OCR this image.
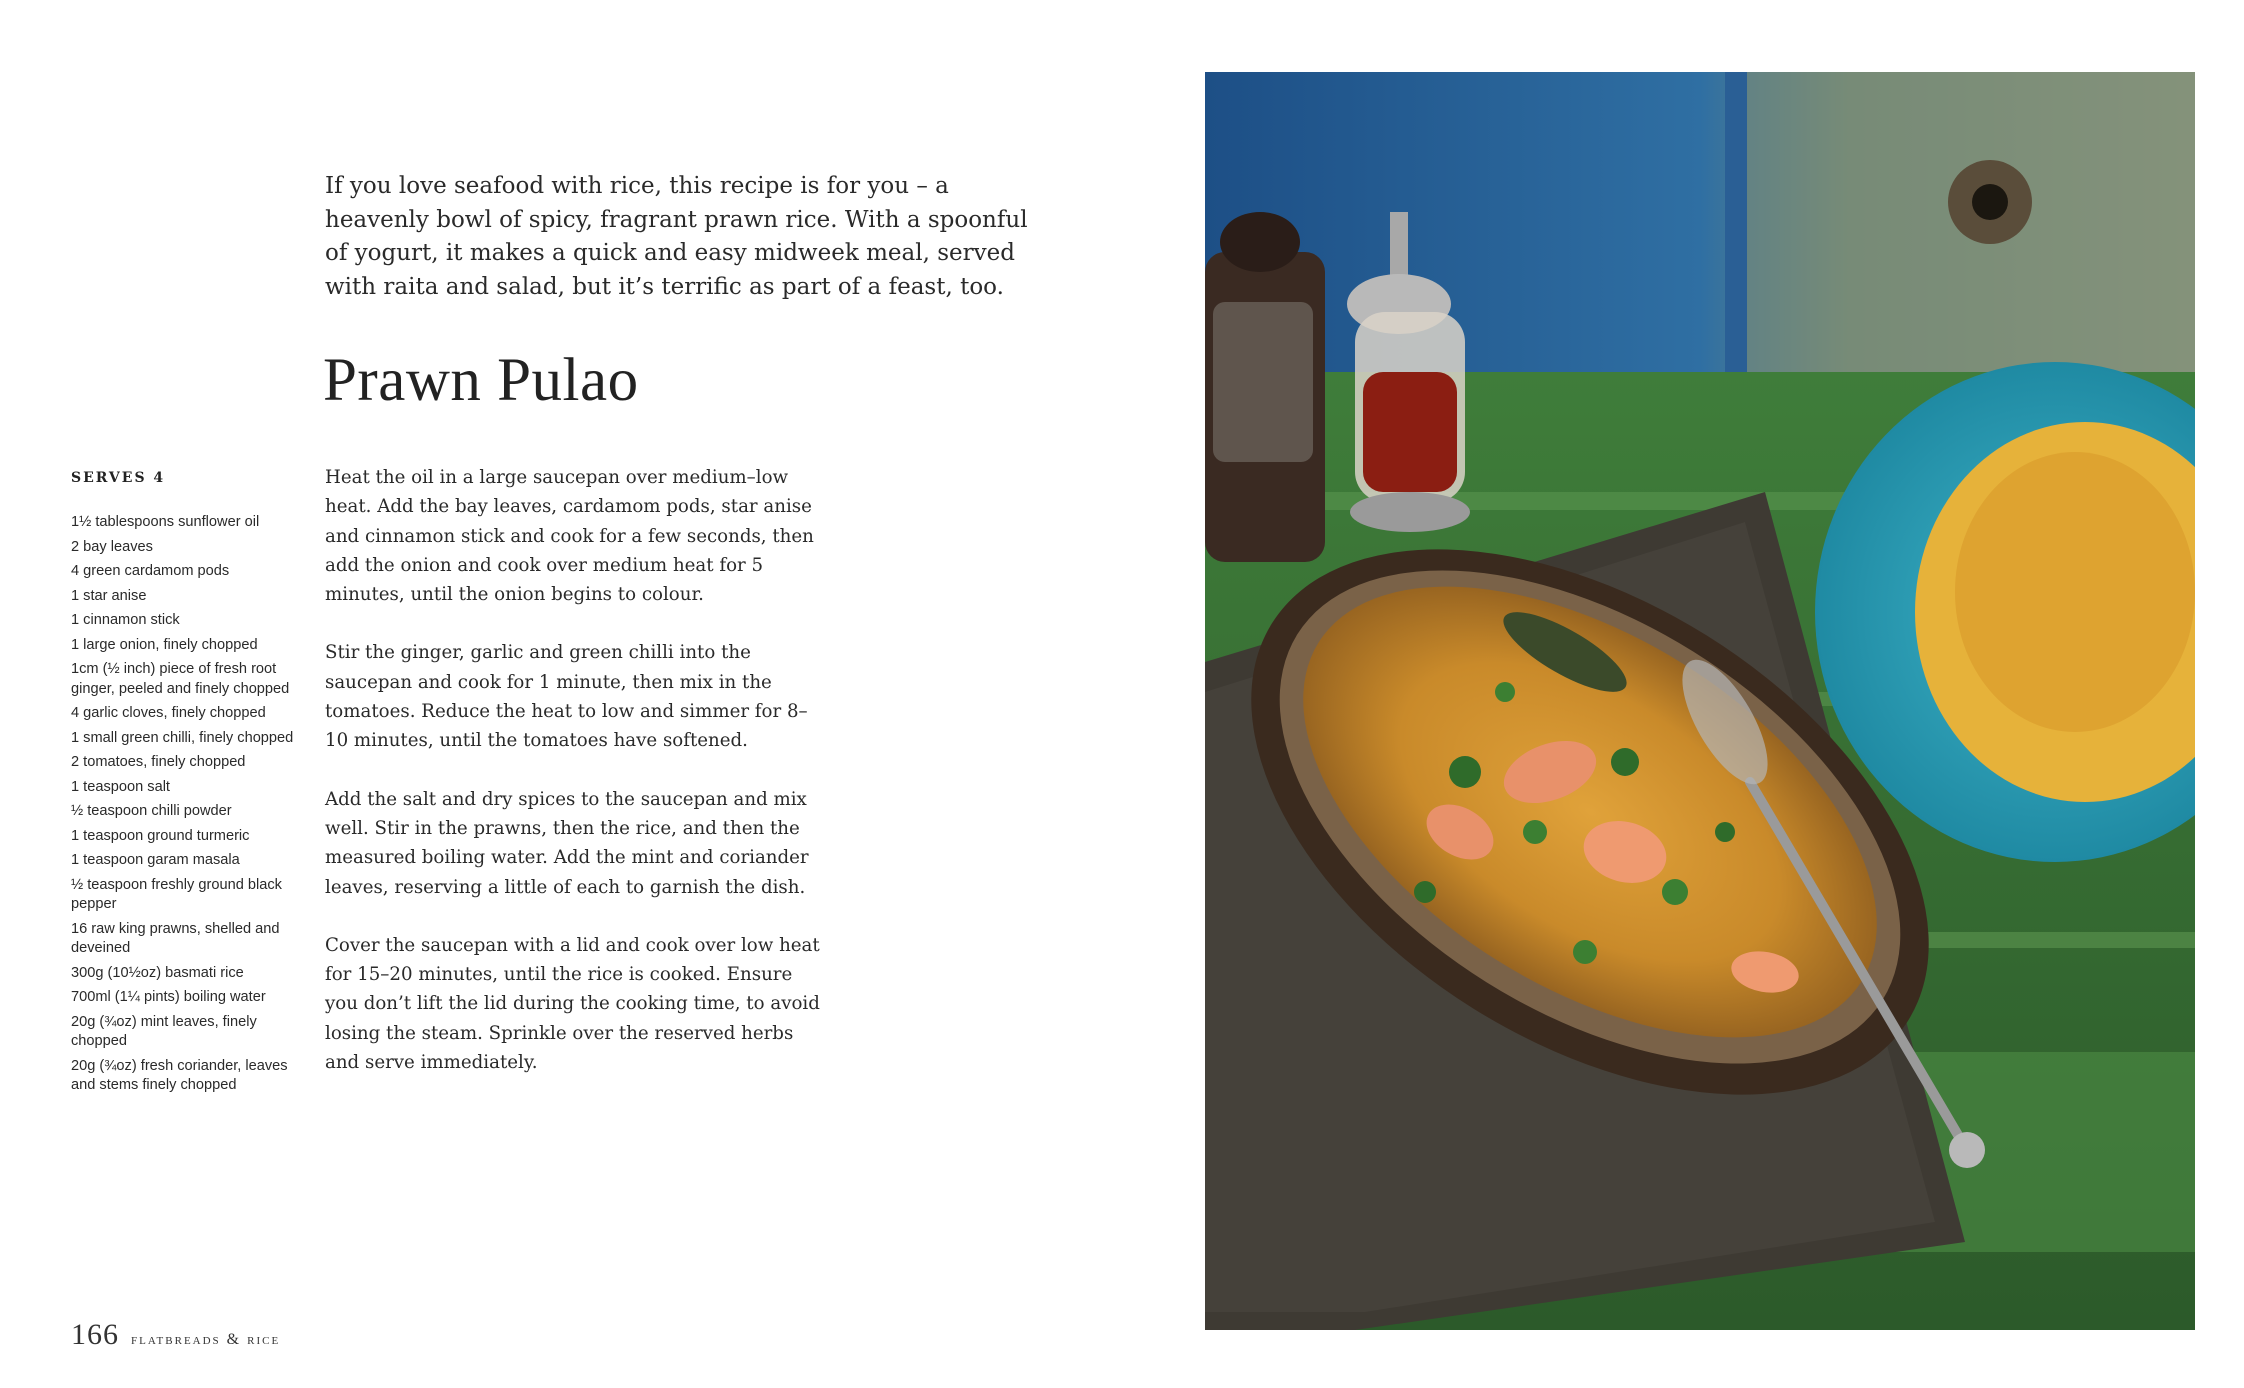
If you love seafood with rice, this recipe is for you – a heavenly bowl of spicy, fragrant prawn rice. With a spoonful of yogurt, it makes a quick and easy midweek meal, served with raita and salad, but it’s terrific as part of a feast, too.

Prawn Pulao
SERVES 4
1½ tablespoons sunflower oil
2 bay leaves
4 green cardamom pods
1 star anise
1 cinnamon stick
1 large onion, finely chopped
1cm (½ inch) piece of fresh root ginger, peeled and finely chopped
4 garlic cloves, finely chopped
1 small green chilli, finely chopped
2 tomatoes, finely chopped
1 teaspoon salt
½ teaspoon chilli powder
1 teaspoon ground turmeric
1 teaspoon garam masala
½ teaspoon freshly ground black pepper
16 raw king prawns, shelled and deveined
300g (10½oz) basmati rice
700ml (1¼ pints) boiling water
20g (¾oz) mint leaves, finely chopped
20g (¾oz) fresh coriander, leaves and stems finely chopped

Heat the oil in a large saucepan over medium–low heat. Add the bay leaves, cardamom pods, star anise and cinnamon stick and cook for a few seconds, then add the onion and cook over medium heat for 5 minutes, until the onion begins to colour.

Stir the ginger, garlic and green chilli into the saucepan and cook for 1 minute, then mix in the tomatoes. Reduce the heat to low and simmer for 8–10 minutes, until the tomatoes have softened.

Add the salt and dry spices to the saucepan and mix well. Stir in the prawns, then the rice, and then the measured boiling water. Add the mint and coriander leaves, reserving a little of each to garnish the dish.

Cover the saucepan with a lid and cook over low heat for 15–20 minutes, until the rice is cooked. Ensure you don’t lift the lid during the cooking time, to avoid losing the steam. Sprinkle over the reserved herbs and serve immediately.

166 flatbreads & rice
